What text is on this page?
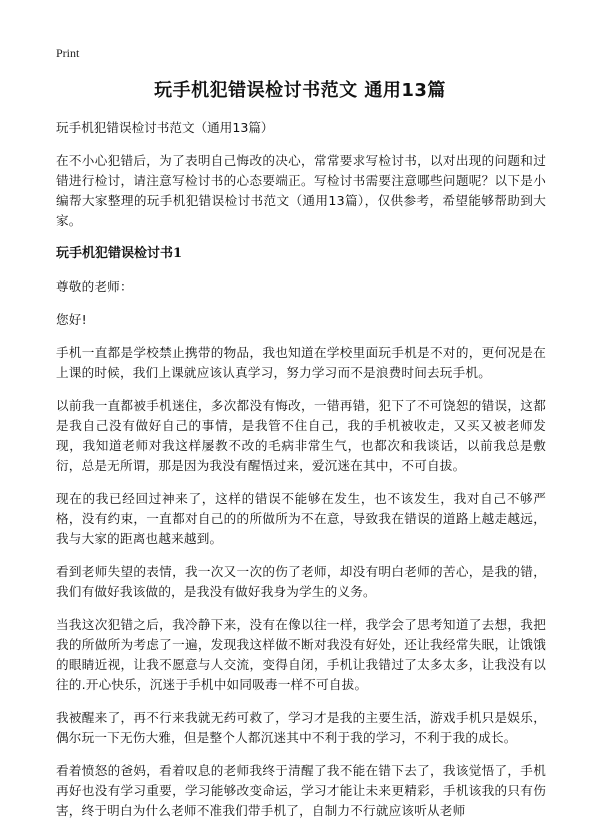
Print
玩手机犯错误检讨书范文 通用13篇

玩手机犯错误检讨书范文（通用13篇）

在不小心犯错后，为了表明自己悔改的决心，常常要求写检讨书，以对出现的问题和过错进行检讨，请注意写检讨书的心态要端正。写检讨书需要注意哪些问题呢？以下是小编帮大家整理的玩手机犯错误检讨书范文（通用13篇），仅供参考，希望能够帮助到大家。

玩手机犯错误检讨书1

尊敬的老师：

您好!

手机一直都是学校禁止携带的物品，我也知道在学校里面玩手机是不对的，更何况是在上课的时候，我们上课就应该认真学习，努力学习而不是浪费时间去玩手机。

以前我一直都被手机迷住，多次都没有悔改，一错再错，犯下了不可饶恕的错误，这都是我自己没有做好自己的事情，是我管不住自己，我的手机被收走，又买又被老师发现，我知道老师对我这样屡教不改的毛病非常生气，也都次和我谈话，以前我总是敷衍，总是无所谓，那是因为我没有醒悟过来，爱沉迷在其中，不可自拔。

现在的我已经回过神来了，这样的错误不能够在发生，也不该发生，我对自己不够严格，没有约束，一直都对自己的的所做所为不在意，导致我在错误的道路上越走越远，我与大家的距离也越来越到。

看到老师失望的表情，我一次又一次的伤了老师，却没有明白老师的苦心，是我的错，我们有做好我该做的，是我没有做好我身为学生的义务。

当我这次犯错之后，我冷静下来，没有在像以往一样，我学会了思考知道了去想，我把我的所做所为考虑了一遍，发现我这样做不断对我没有好处，还让我经常失眠，让饿饿的眼睛近视，让我不愿意与人交流，变得自闭，手机让我错过了太多太多，让我没有以往的.开心快乐，沉迷于手机中如同吸毒一样不可自拔。

我被醒来了，再不行来我就无药可救了，学习才是我的主要生活，游戏手机只是娱乐，偶尔玩一下无伤大雅，但是整个人都沉迷其中不利于我的学习，不利于我的成长。

看着愤怒的爸妈，看着叹息的老师我终于清醒了我不能在错下去了，我该觉悟了，手机再好也没有学习重要，学习能够改变命运，学习才能让未来更精彩，手机该我的只有伤害，终于明白为什么老师不准我们带手机了，自制力不行就应该听从老师
